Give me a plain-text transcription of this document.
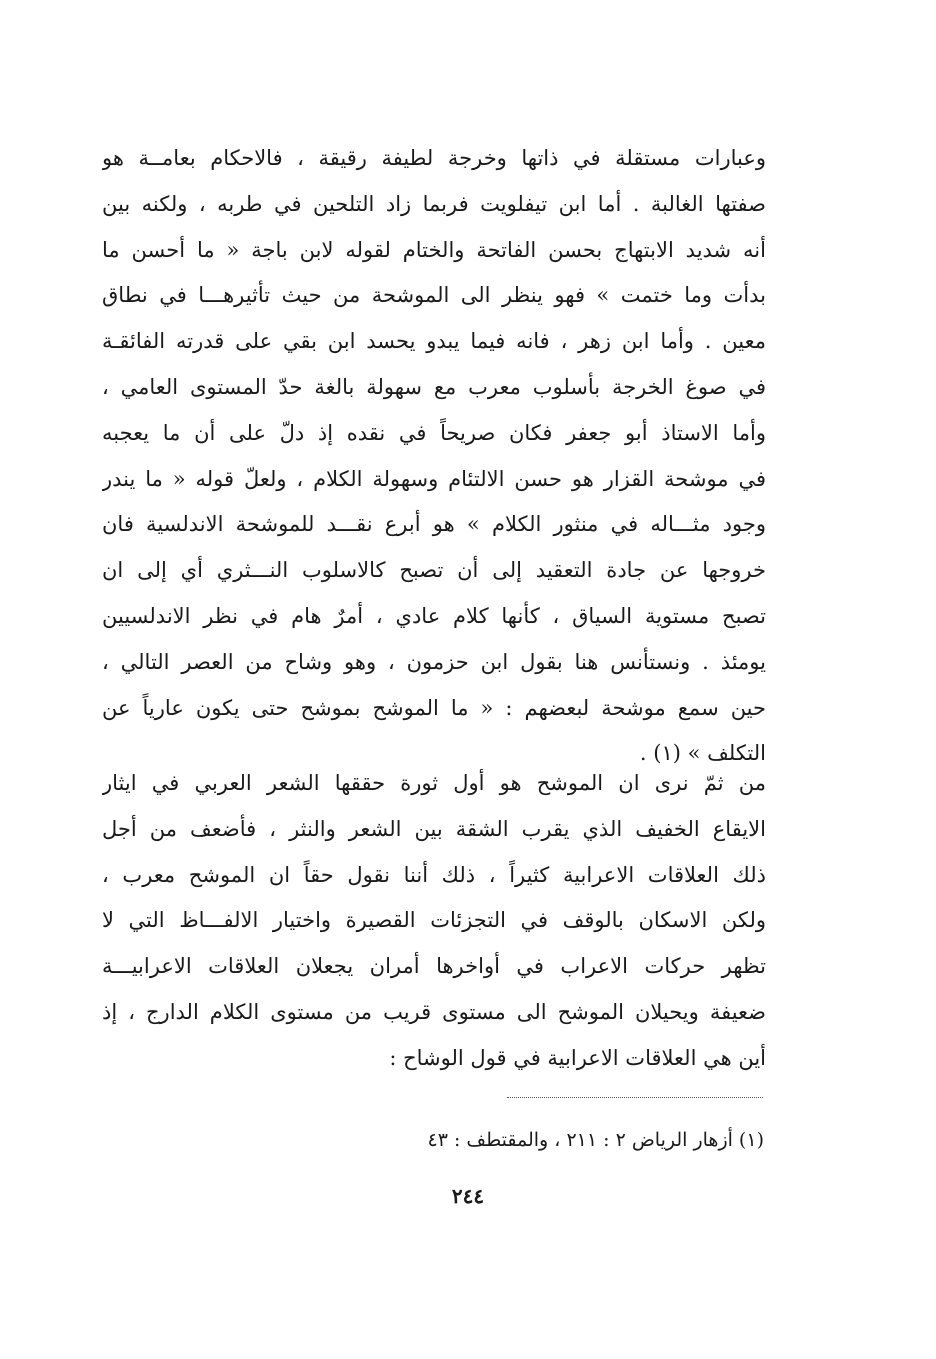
وعبارات مستقلة في ذاتها وخرجة لطيفة رقيقة ، فالاحكام بعامــة هو
صفتها الغالبة . أما ابن تيفلويت فربما زاد التلحين في طربه ، ولكنه بين
أنه شديد الابتهاج بحسن الفاتحة والختام لقوله لابن باجة « ما أحسن ما
بدأت وما ختمت » فهو ينظر الى الموشحة من حيث تأثيرهـــا في نطاق
معين . وأما ابن زهر ، فانه فيما يبدو يحسد ابن بقي على قدرته الفائقـة
في صوغ الخرجة بأسلوب معرب مع سهولة بالغة حدّ المستوى العامي ،
وأما الاستاذ أبو جعفر فكان صريحاً في نقده إذ دلّ على أن ما يعجبه
في موشحة القزار هو حسن الالتئام وسهولة الكلام ، ولعلّ قوله « ما يندر
وجود مثـــاله في منثور الكلام » هو أبرع نقـــد للموشحة الاندلسية فان
خروجها عن جادة التعقيد إلى أن تصبح كالاسلوب النـــثري أي إلى ان
تصبح مستوية السياق ، كأنها كلام عادي ، أمرٌ هام في نظر الاندلسيين
يومئذ . ونستأنس هنا بقول ابن حزمون ، وهو وشاح من العصر التالي ،
حين سمع موشحة لبعضهم : « ما الموشح بموشح حتى يكون عارياً عن
التكلف » (١) .
من ثمّ نرى ان الموشح هو أول ثورة حققها الشعر العربي في ايثار
الايقاع الخفيف الذي يقرب الشقة بين الشعر والنثر ، فأضعف من أجل
ذلك العلاقات الاعرابية كثيراً ، ذلك أننا نقول حقاً ان الموشح معرب ،
ولكن الاسكان بالوقف في التجزئات القصيرة واختيار الالفـــاظ التي لا
تظهر حركات الاعراب في أواخرها أمران يجعلان العلاقات الاعرابيـــة
ضعيفة ويحيلان الموشح الى مستوى قريب من مستوى الكلام الدارج ، إذ
أين هي العلاقات الاعرابية في قول الوشاح :
(١) أزهار الرياض ٢ : ٢١١ ، والمقتطف : ٤٣
٢٤٤
